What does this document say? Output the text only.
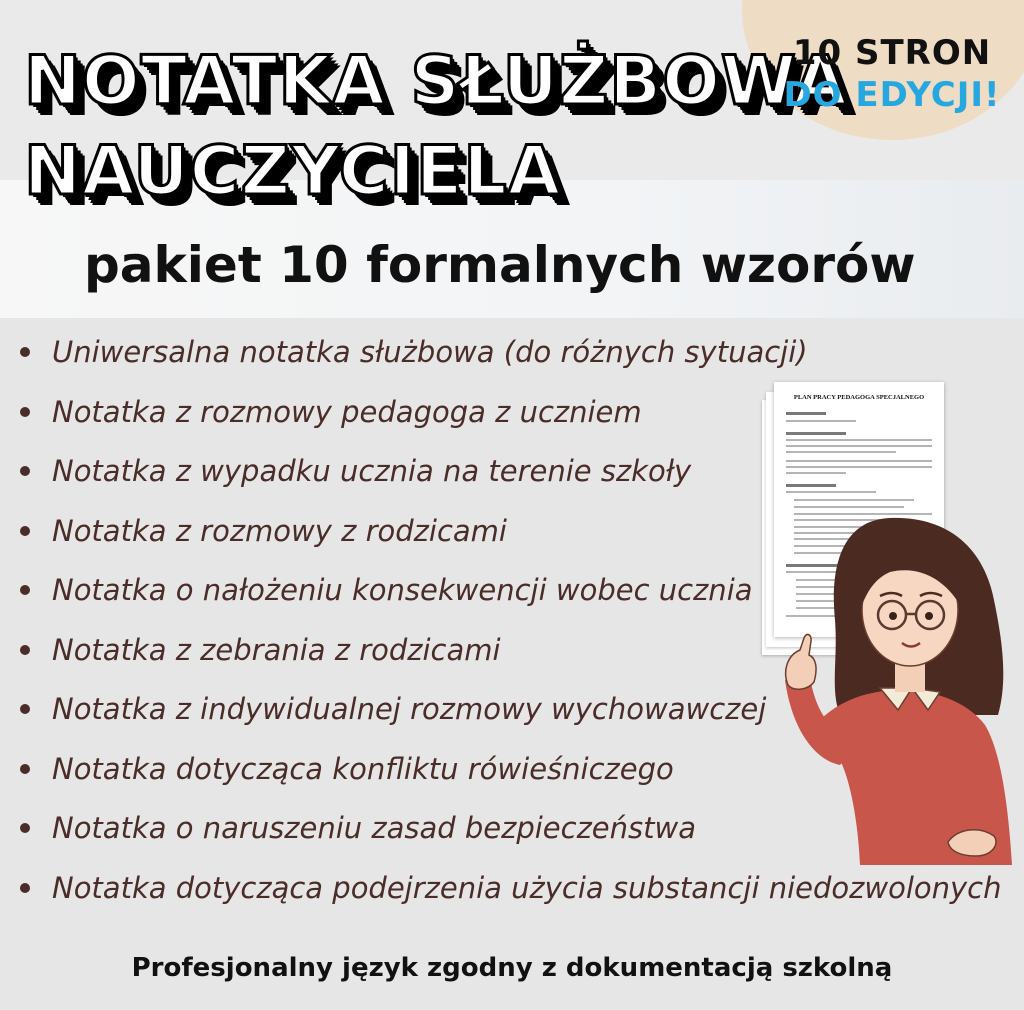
NOTATKA SŁUŻBOWA
NAUCZYCIELA
10 STRON
DO EDYCJI!
pakiet 10 formalnych wzorów
Uniwersalna notatka służbowa (do różnych sytuacji)
Notatka z rozmowy pedagoga z uczniem
Notatka z wypadku ucznia na terenie szkoły
Notatka z rozmowy z rodzicami
Notatka o nałożeniu konsekwencji wobec ucznia
Notatka z zebrania z rodzicami
Notatka z indywidualnej rozmowy wychowawczej
Notatka dotycząca konfliktu rówieśniczego
Notatka o naruszeniu zasad bezpieczeństwa
Notatka dotycząca podejrzenia użycia substancji niedozwolonych
PLAN PRACY PEDAGOGA SPECJALNEGO
Profesjonalny język zgodny z dokumentacją szkolną
